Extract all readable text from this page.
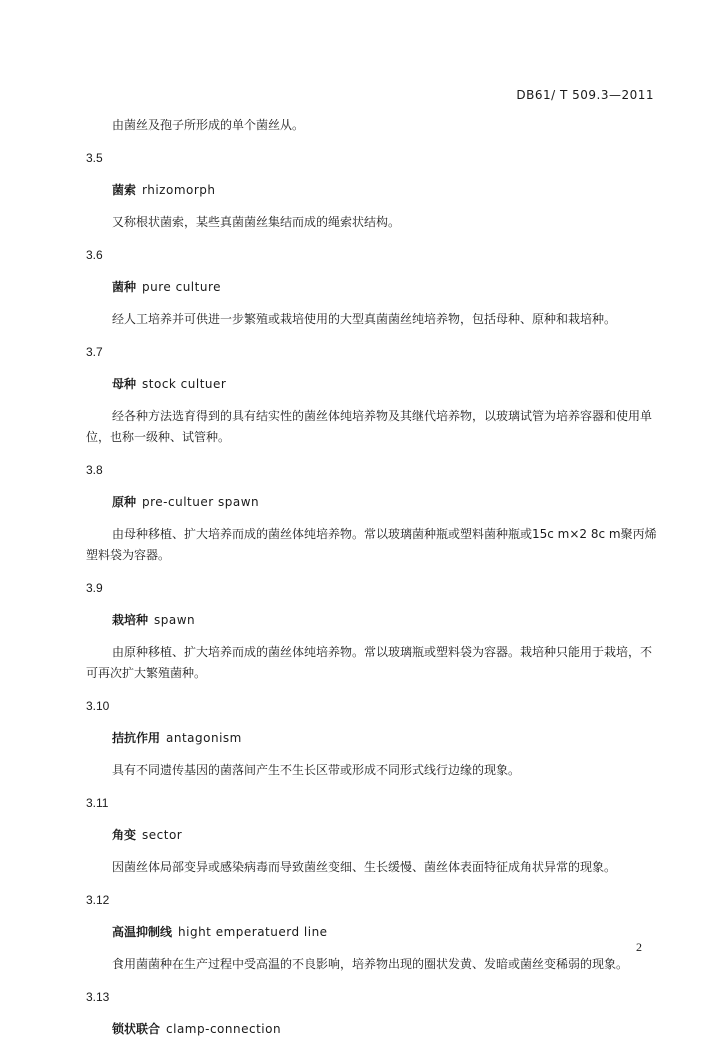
DB61/ T 509.3—2011
由菌丝及孢子所形成的单个菌丝从。
3.5
菌索 rhizomorph
又称根状菌索，某些真菌菌丝集结而成的绳索状结构。
3.6
菌种 pure culture
经人工培养并可供进一步繁殖或栽培使用的大型真菌菌丝纯培养物，包括母种、原种和栽培种。
3.7
母种 stock cultuer
经各种方法选育得到的具有结实性的菌丝体纯培养物及其继代培养物，以玻璃试管为培养容器和使用单位，也称一级种、试管种。
3.8
原种 pre-cultuer spawn
由母种移植、扩大培养而成的菌丝体纯培养物。常以玻璃菌种瓶或塑料菌种瓶或15c m×2 8c m聚丙烯塑料袋为容器。
3.9
栽培种 spawn
由原种移植、扩大培养而成的菌丝体纯培养物。常以玻璃瓶或塑料袋为容器。栽培种只能用于栽培，不可再次扩大繁殖菌种。
3.10
拮抗作用 antagonism
具有不同遗传基因的菌落间产生不生长区带或形成不同形式线行边缘的现象。
3.11
角变 sector
因菌丝体局部变异或感染病毒而导致菌丝变细、生长缓慢、菌丝体表面特征成角状异常的现象。
3.12
高温抑制线 hight emperatuerd line
食用菌菌种在生产过程中受高温的不良影响，培养物出现的圈状发黄、发暗或菌丝变稀弱的现象。
3.13
锁状联合 clamp-connection
2
